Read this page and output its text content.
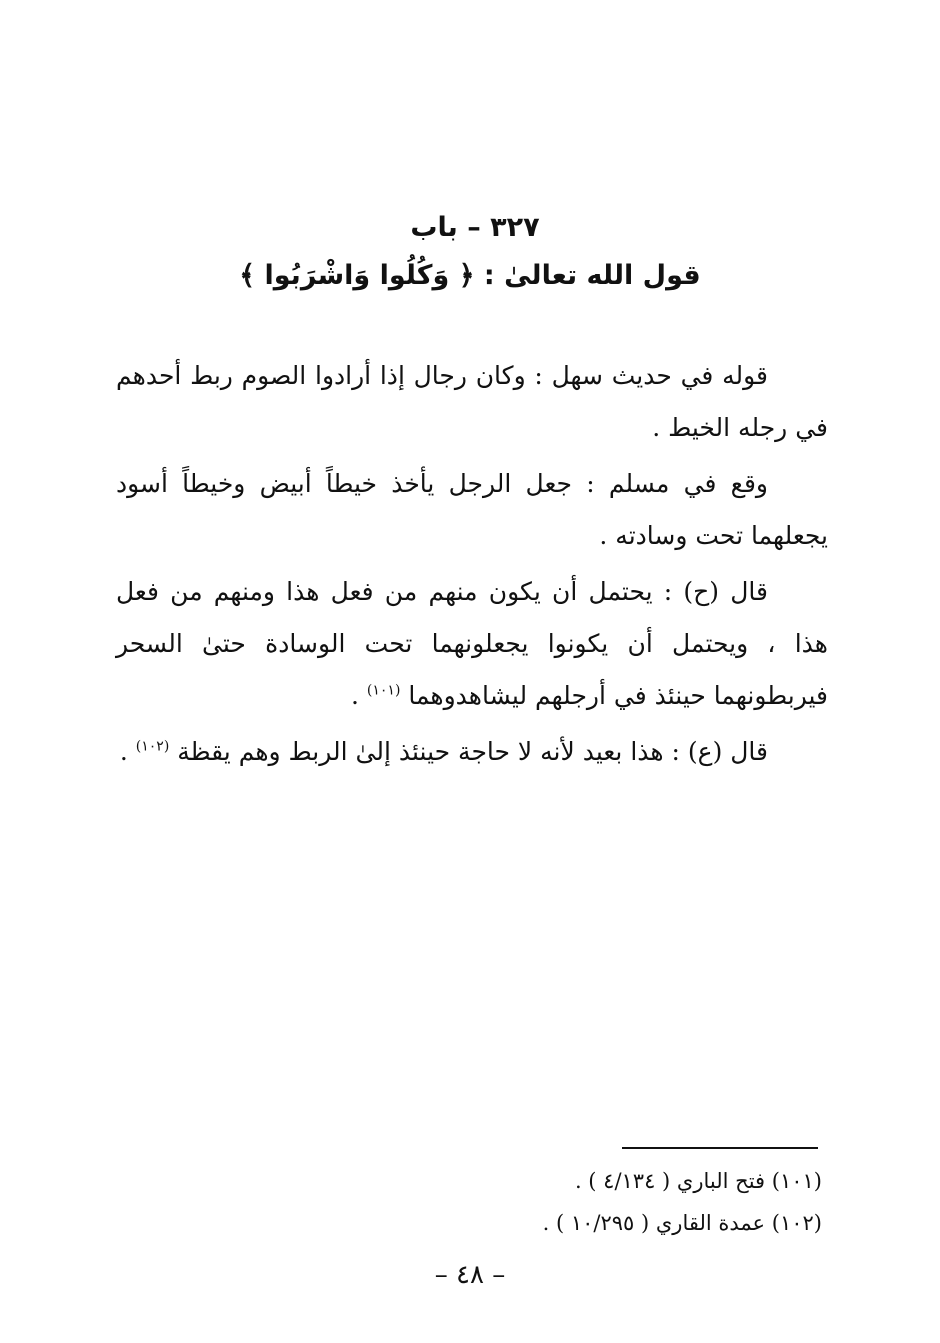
٣٢٧ – باب
قول الله تعالىٰ : ﴿ وَكُلُوا وَاشْرَبُوا ﴾

قوله في حديث سهل : وكان رجال إذا أرادوا الصوم ربط أحدهم في رجله الخيط .

وقع في مسلم : جعل الرجل يأخذ خيطاً أبيض وخيطاً أسود يجعلهما تحت وسادته .

قال (ح) : يحتمل أن يكون منهم من فعل هذا ومنهم من فعل هذا ، ويحتمل أن يكونوا يجعلونهما تحت الوسادة حتىٰ السحر فيربطونهما حينئذ في أرجلهم ليشاهدوهما $^{(١٠١)}$ .

قال (ع) : هذا بعيد لأنه لا حاجة حينئذ إلىٰ الربط وهم يقظة $^{(١٠٢)}$ .

(١٠١) فتح الباري ( ٤/١٣٤ ) .

(١٠٢) عمدة القاري ( ١٠/٢٩٥ ) .

– ٤٨ –
